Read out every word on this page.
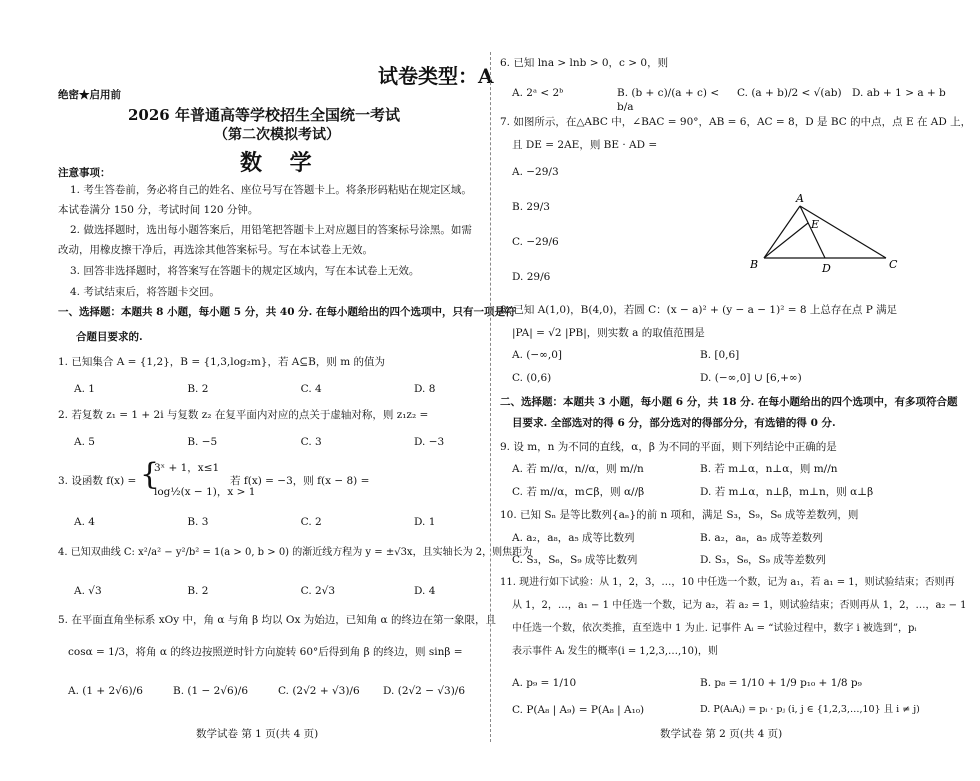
试卷类型：A
绝密★启用前
2026 年普通高等学校招生全国统一考试
（第二次模拟考试）
数 学
注意事项：
1. 考生答卷前，务必将自己的姓名、座位号写在答题卡上。将条形码粘贴在规定区域。
本试卷满分 150 分，考试时间 120 分钟。
2. 做选择题时，选出每小题答案后，用铅笔把答题卡上对应题目的答案标号涂黑。如需
改动，用橡皮擦干净后，再选涂其他答案标号。写在本试卷上无效。
3. 回答非选择题时，将答案写在答题卡的规定区域内，写在本试卷上无效。
4. 考试结束后，将答题卡交回。
一、选择题：本题共 8 小题，每小题 5 分，共 40 分. 在每小题给出的四个选项中，只有一项是符
合题目要求的.
1. 已知集合 A = {1,2}，B = {1,3,log₂m}，若 A⊆B，则 m 的值为
A. 1	B. 2	C. 4	D. 8
2. 若复数 z₁ = 1 + 2i 与复数 z₂ 在复平面内对应的点关于虚轴对称，则 z₁z₂ =
A. 5	B. −5	C. 3	D. −3
3. 设函数 f(x) = {
3ˣ + 1，x≤1
log½(x − 1)，x > 1
若 f(x) = −3，则 f(x − 8) =
A. 4	B. 3	C. 2	D. 1
4. 已知双曲线 C: x²/a² − y²/b² = 1(a > 0, b > 0) 的渐近线方程为 y = ±√3x，且实轴长为 2，则焦距为
A. √3	B. 2	C. 2√3	D. 4
5. 在平面直角坐标系 xOy 中，角 α 与角 β 均以 Ox 为始边，已知角 α 的终边在第一象限，且
cosα = 1/3，将角 α 的终边按照逆时针方向旋转 60°后得到角 β 的终边，则 sinβ =
A. (1 + 2√6)/6	B. (1 − 2√6)/6	C. (2√2 + √3)/6	D. (2√2 − √3)/6
数学试卷 第 1 页(共 4 页)
6. 已知 lna > lnb > 0，c > 0，则
A. 2ᵃ < 2ᵇ	B. (b + c)/(a + c) < b/a
C. (a + b)/2 < √(ab) D. ab + 1 > a + b
7. 如图所示，在△ABC 中，∠BAC = 90°，AB = 6，AC = 8，D 是 BC 的中点，点 E 在 AD 上，
且 DE = 2AE，则 BE · AD =
A. −29/3
B. 29/3
C. −29/6
D. 29/6
A
B	C
D
E
8. 已知 A(1,0)，B(4,0)，若圆 C：(x − a)² + (y − a − 1)² = 8 上总存在点 P 满足
|PA| = √2 |PB|，则实数 a 的取值范围是
A. (−∞,0]	B. [0,6]
C. (0,6)	D. (−∞,0] ∪ [6,+∞)
二、选择题：本题共 3 小题，每小题 6 分，共 18 分. 在每小题给出的四个选项中，有多项符合题
目要求. 全部选对的得 6 分，部分选对的得部分分，有选错的得 0 分.
9. 设 m，n 为不同的直线，α，β 为不同的平面，则下列结论中正确的是
A. 若 m//α，n//α，则 m//n	B. 若 m⊥α，n⊥α，则 m//n
C. 若 m//α，m⊂β，则 α//β	D. 若 m⊥α，n⊥β，m⊥n，则 α⊥β
10. 已知 Sₙ 是等比数列{aₙ}的前 n 项和，满足 S₃，S₉，S₆ 成等差数列，则
A. a₂，a₈，a₅ 成等比数列	B. a₂，a₈，a₅ 成等差数列
C. S₃，S₆，S₉ 成等比数列	D. S₃，S₆，S₉ 成等差数列
11. 现进行如下试验：从 1，2，3，…，10 中任选一个数，记为 a₁，若 a₁ = 1，则试验结束；否则再
从 1，2，…，a₁ − 1 中任选一个数，记为 a₂，若 a₂ = 1，则试验结束；否则再从 1，2，…，a₂ − 1
中任选一个数，依次类推，直至选中 1 为止. 记事件 Aᵢ = “试验过程中，数字 i 被选到”，pᵢ
表示事件 Aᵢ 发生的概率(i = 1,2,3,…,10)，则
A. p₉ = 1/10	B. p₈ = 1/10 + 1/9 p₁₀ + 1/8 p₉
C. P(A₈ | A₉) = P(A₈ | A₁₀)	D. P(AᵢAⱼ) = pᵢ · pⱼ (i, j ∈ {1,2,3,…,10} 且 i ≠ j)
数学试卷 第 2 页(共 4 页)
